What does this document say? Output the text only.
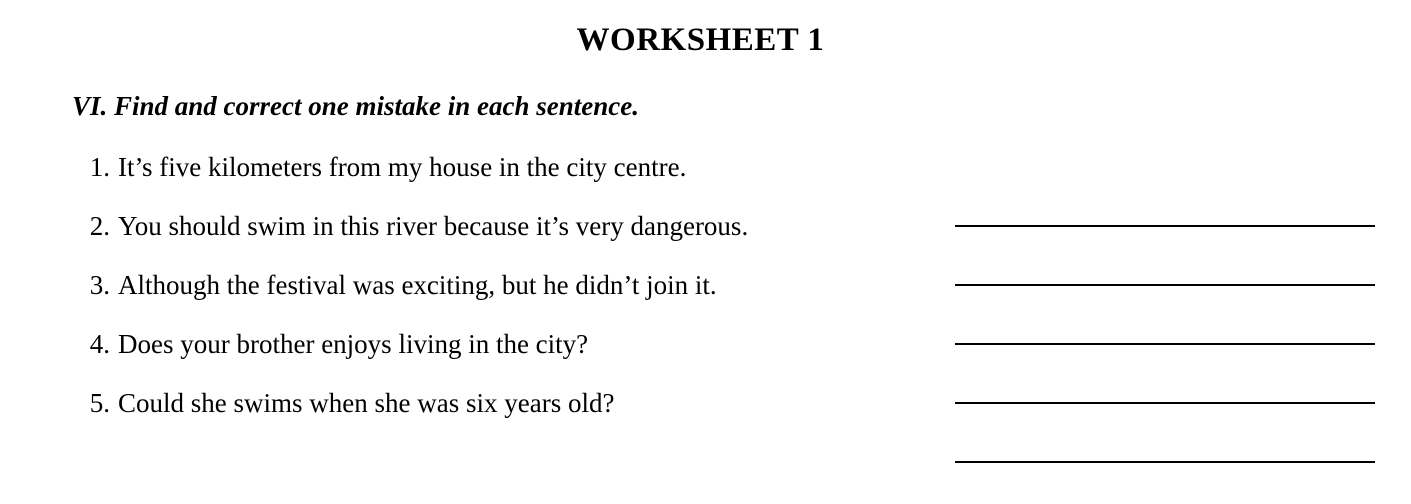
WORKSHEET 1
VI. Find and correct one mistake in each sentence.
1. It’s five kilometers from my house in the city centre.
2. You should swim in this river because it’s very dangerous.
3. Although the festival was exciting, but he didn’t join it.
4. Does your brother enjoys living in the city?
5. Could she swims when she was six years old?
